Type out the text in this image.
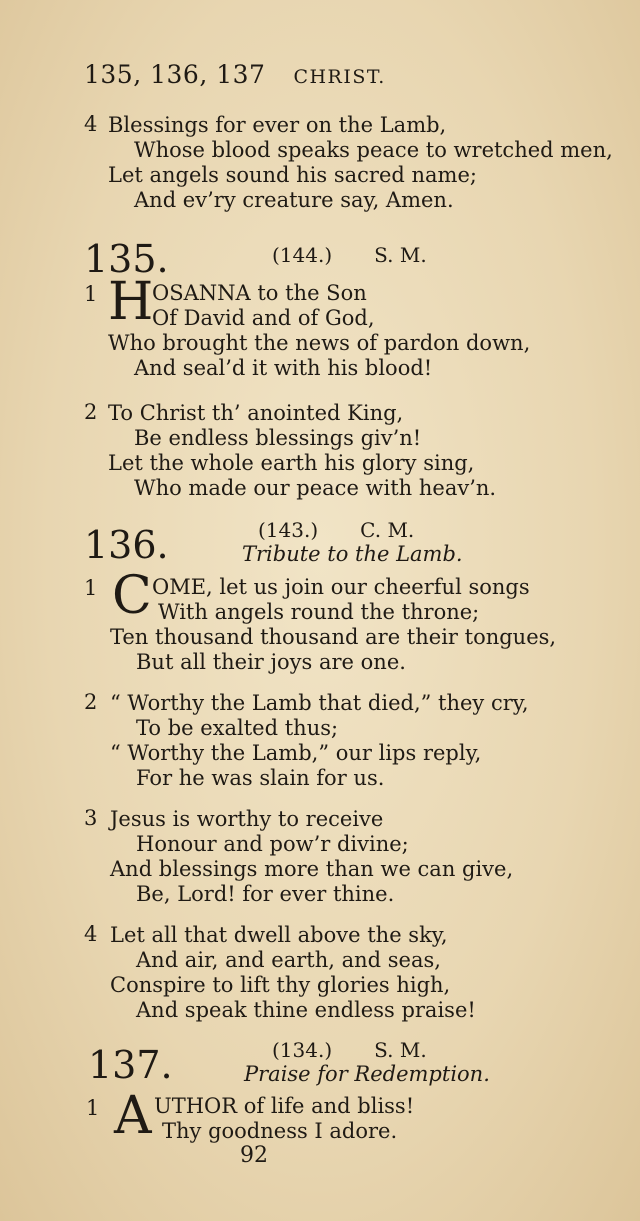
135, 136, 137 CHRIST.
4 Blessings for ever on the Lamb,
Whose blood speaks peace to wretched men,
Let angels sound his sacred name;
And ev’ry creature say, Amen.
135.	(144.) S. M.
1 H
OSANNA to the Son
Of David and of God,
Who brought the news of pardon down,
And seal’d it with his blood!
2 To Christ th’ anointed King,
Be endless blessings giv’n!
Let the whole earth his glory sing,
Who made our peace with heav’n.
136.	(143.) C. M.
Tribute to the Lamb.
1 C OME, let us join our cheerful songs
With angels round the throne;
Ten thousand thousand are their tongues,
But all their joys are one.
2 “ Worthy the Lamb that died,” they cry,
To be exalted thus;
“ Worthy the Lamb,” our lips reply,
For he was slain for us.
3 Jesus is worthy to receive
Honour and pow’r divine;
And blessings more than we can give,
Be, Lord! for ever thine.
4 Let all that dwell above the sky,
And air, and earth, and seas,
Conspire to lift thy glories high,
And speak thine endless praise!
137.	(134.) S. M.
Praise for Redemption.
1 A UTHOR of life and bliss!
Thy goodness I adore.
92
